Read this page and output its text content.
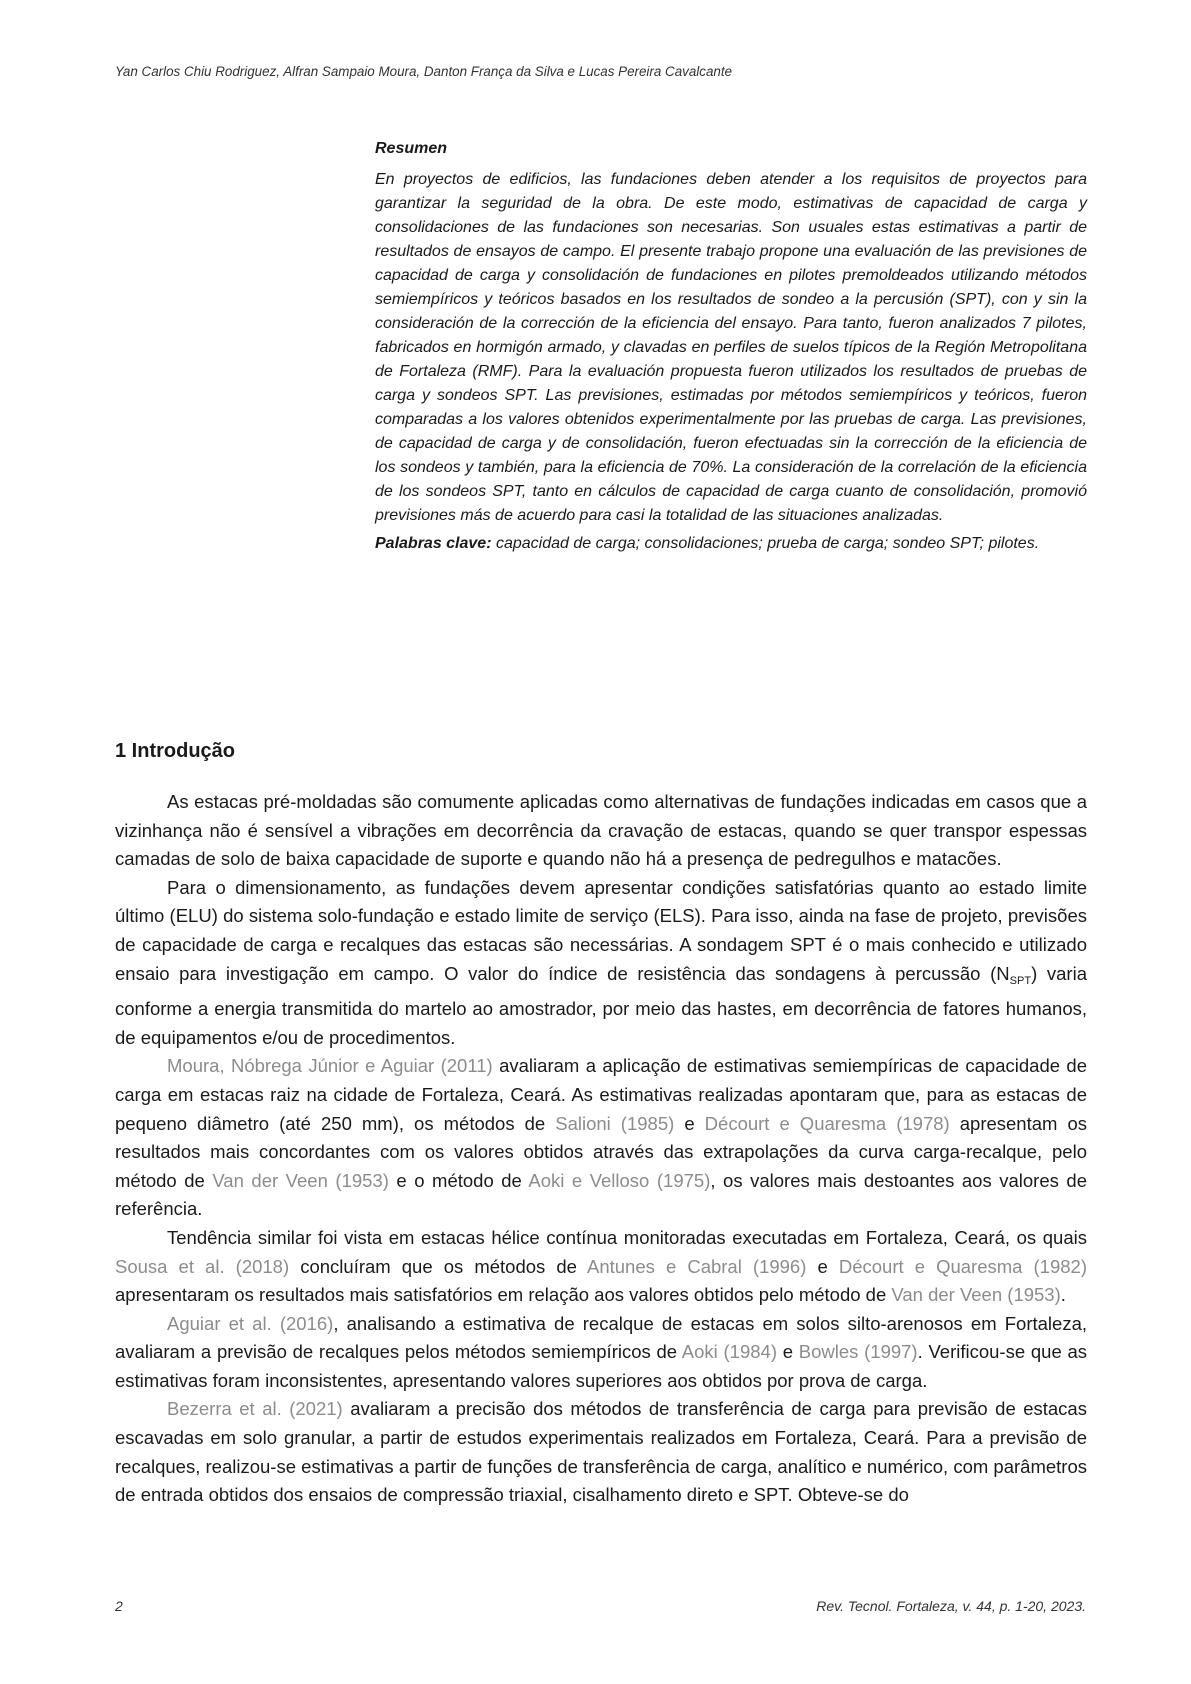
Yan Carlos Chiu Rodriguez, Alfran Sampaio Moura, Danton França da Silva e Lucas Pereira Cavalcante

Resumen

En proyectos de edificios, las fundaciones deben atender a los requisitos de proyectos para garantizar la seguridad de la obra. De este modo, estimativas de capacidad de carga y consolidaciones de las fundaciones son necesarias. Son usuales estas estimativas a partir de resultados de ensayos de campo. El presente trabajo propone una evaluación de las previsiones de capacidad de carga y consolidación de fundaciones en pilotes premoldeados utilizando métodos semiempíricos y teóricos basados en los resultados de sondeo a la percusión (SPT), con y sin la consideración de la corrección de la eficiencia del ensayo. Para tanto, fueron analizados 7 pilotes, fabricados en hormigón armado, y clavadas en perfiles de suelos típicos de la Región Metropolitana de Fortaleza (RMF). Para la evaluación propuesta fueron utilizados los resultados de pruebas de carga y sondeos SPT. Las previsiones, estimadas por métodos semiempíricos y teóricos, fueron comparadas a los valores obtenidos experimentalmente por las pruebas de carga. Las previsiones, de capacidad de carga y de consolidación, fueron efectuadas sin la corrección de la eficiencia de los sondeos y también, para la eficiencia de 70%. La consideración de la correlación de la eficiencia de los sondeos SPT, tanto en cálculos de capacidad de carga cuanto de consolidación, promovió previsiones más de acuerdo para casi la totalidad de las situaciones analizadas.

Palabras clave: capacidad de carga; consolidaciones; prueba de carga; sondeo SPT; pilotes.

1 Introdução

As estacas pré-moldadas são comumente aplicadas como alternativas de fundações indicadas em casos que a vizinhança não é sensível a vibrações em decorrência da cravação de estacas, quando se quer transpor espessas camadas de solo de baixa capacidade de suporte e quando não há a presença de pedregulhos e matacões.

Para o dimensionamento, as fundações devem apresentar condições satisfatórias quanto ao estado limite último (ELU) do sistema solo-fundação e estado limite de serviço (ELS). Para isso, ainda na fase de projeto, previsões de capacidade de carga e recalques das estacas são necessárias. A sondagem SPT é o mais conhecido e utilizado ensaio para investigação em campo. O valor do índice de resistência das sondagens à percussão $(N_{SPT})$ varia conforme a energia transmitida do martelo ao amostrador, por meio das hastes, em decorrência de fatores humanos, de equipamentos e/ou de procedimentos.

Moura, Nóbrega Júnior e Aguiar (2011) avaliaram a aplicação de estimativas semiempíricas de capacidade de carga em estacas raiz na cidade de Fortaleza, Ceará. As estimativas realizadas apontaram que, para as estacas de pequeno diâmetro (até 250 mm), os métodos de Salioni (1985) e Décourt e Quaresma (1978) apresentam os resultados mais concordantes com os valores obtidos através das extrapolações da curva carga-recalque, pelo método de Van der Veen (1953) e o método de Aoki e Velloso (1975), os valores mais destoantes aos valores de referência.

Tendência similar foi vista em estacas hélice contínua monitoradas executadas em Fortaleza, Ceará, os quais Sousa et al. (2018) concluíram que os métodos de Antunes e Cabral (1996) e Décourt e Quaresma (1982) apresentaram os resultados mais satisfatórios em relação aos valores obtidos pelo método de Van der Veen (1953).

Aguiar et al. (2016), analisando a estimativa de recalque de estacas em solos silto-arenosos em Fortaleza, avaliaram a previsão de recalques pelos métodos semiempíricos de Aoki (1984) e Bowles (1997). Verificou-se que as estimativas foram inconsistentes, apresentando valores superiores aos obtidos por prova de carga.

Bezerra et al. (2021) avaliaram a precisão dos métodos de transferência de carga para previsão de estacas escavadas em solo granular, a partir de estudos experimentais realizados em Fortaleza, Ceará. Para a previsão de recalques, realizou-se estimativas a partir de funções de transferência de carga, analítico e numérico, com parâmetros de entrada obtidos dos ensaios de compressão triaxial, cisalhamento direto e SPT. Obteve-se do

2	Rev. Tecnol. Fortaleza, v. 44, p. 1-20, 2023.
